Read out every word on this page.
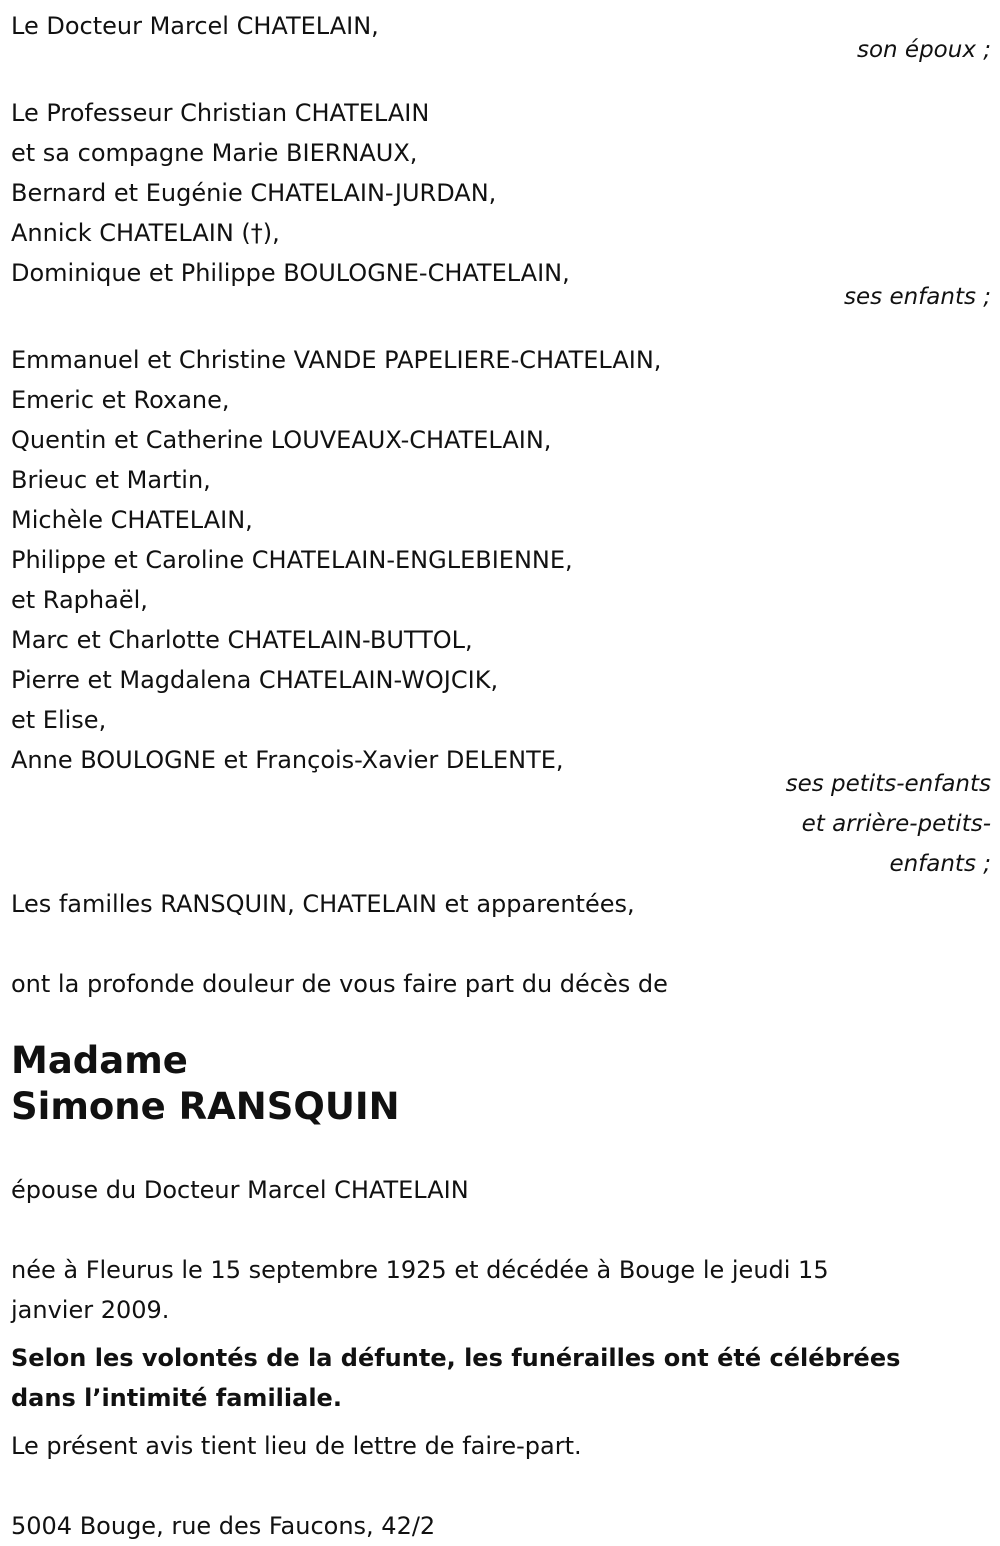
Le Docteur Marcel CHATELAIN,

son époux ;

Le Professeur Christian CHATELAIN

et sa compagne Marie BIERNAUX,

Bernard et Eugénie CHATELAIN-JURDAN,

Annick CHATELAIN (†),

Dominique et Philippe BOULOGNE-CHATELAIN,

ses enfants ;

Emmanuel et Christine VANDE PAPELIERE-CHATELAIN,

Emeric et Roxane,

Quentin et Catherine LOUVEAUX-CHATELAIN,

Brieuc et Martin,

Michèle CHATELAIN,

Philippe et Caroline CHATELAIN-ENGLEBIENNE,

et Raphaël,

Marc et Charlotte CHATELAIN-BUTTOL,

Pierre et Magdalena CHATELAIN-WOJCIK,

et Elise,

Anne BOULOGNE et François-Xavier DELENTE,

ses petits-enfants
et arrière-petits-
enfants ;

Les familles RANSQUIN, CHATELAIN et apparentées,

ont la profonde douleur de vous faire part du décès de

Madame

Simone RANSQUIN

épouse du Docteur Marcel CHATELAIN

née à Fleurus le 15 septembre 1925 et décédée à Bouge le jeudi 15
janvier 2009.
Selon les volontés de la défunte, les funérailles ont été célébrées
dans l’intimité familiale.

Le présent avis tient lieu de lettre de faire-part.

5004 Bouge, rue des Faucons, 42/2
